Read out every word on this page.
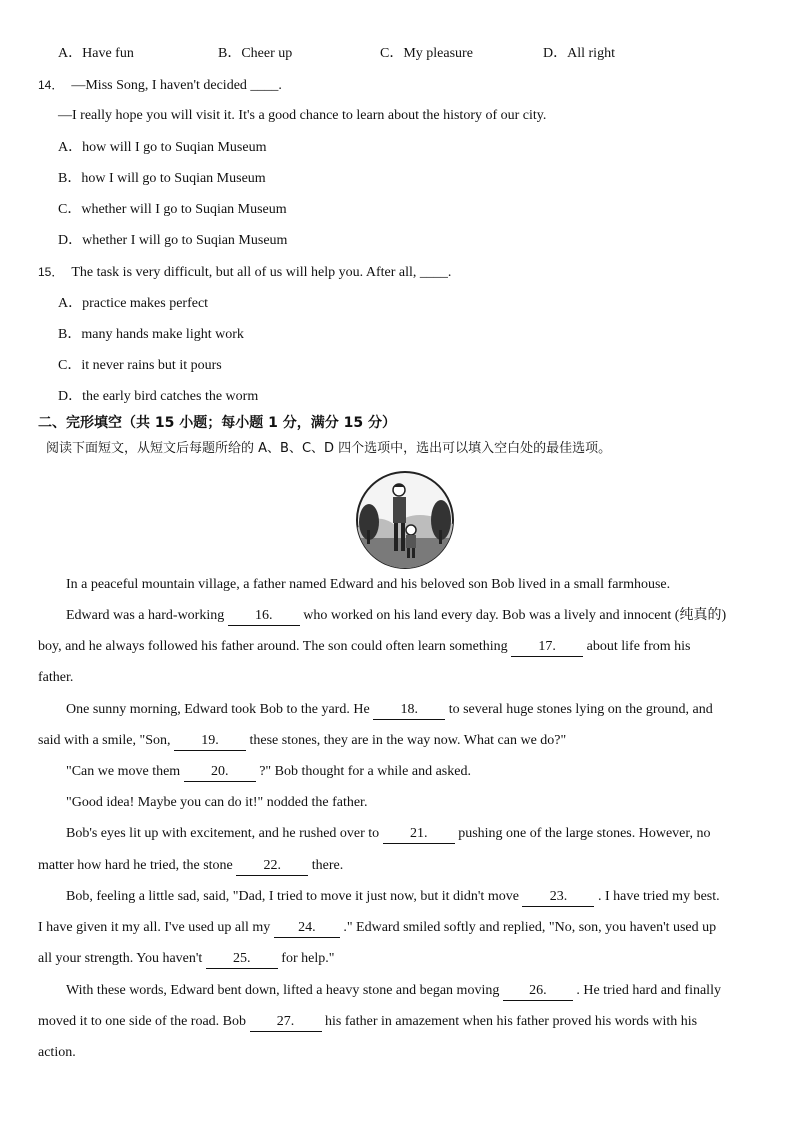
A．Have fun	B．Cheer up	C．My pleasure	D．All right
14． —Miss Song, I haven't decided ____.
—I really hope you will visit it. It's a good chance to learn about the history of our city.
A．how will I go to Suqian Museum
B．how I will go to Suqian Museum
C．whether will I go to Suqian Museum
D．whether I will go to Suqian Museum
15． The task is very difficult, but all of us will help you. After all, ____.
A．practice makes perfect
B．many hands make light work
C．it never rains but it pours
D．the early bird catches the worm
二、完形填空（共 15 小题；每小题 1 分，满分 15 分）
阅读下面短文，从短文后每题所给的 A、B、C、D 四个选项中，选出可以填入空白处的最佳选项。
In a peaceful mountain village, a father named Edward and his beloved son Bob lived in a small farmhouse.
Edward was a hard-working 16. who worked on his land every day. Bob was a lively and innocent (纯真的)
boy, and he always followed his father around. The son could often learn something 17. about life from his
father.
One sunny morning, Edward took Bob to the yard. He 18. to several huge stones lying on the ground, and
said with a smile, "Son, 19. these stones, they are in the way now. What can we do?"
"Can we move them 20. ?" Bob thought for a while and asked.
"Good idea! Maybe you can do it!" nodded the father.
Bob's eyes lit up with excitement, and he rushed over to 21. pushing one of the large stones. However, no
matter how hard he tried, the stone 22. there.
Bob, feeling a little sad, said, "Dad, I tried to move it just now, but it didn't move 23. . I have tried my best.
I have given it my all. I've used up all my 24. ." Edward smiled softly and replied, "No, son, you haven't used up
all your strength. You haven't 25. for help."
With these words, Edward bent down, lifted a heavy stone and began moving 26. . He tried hard and finally
moved it to one side of the road. Bob 27. his father in amazement when his father proved his words with his
action.
